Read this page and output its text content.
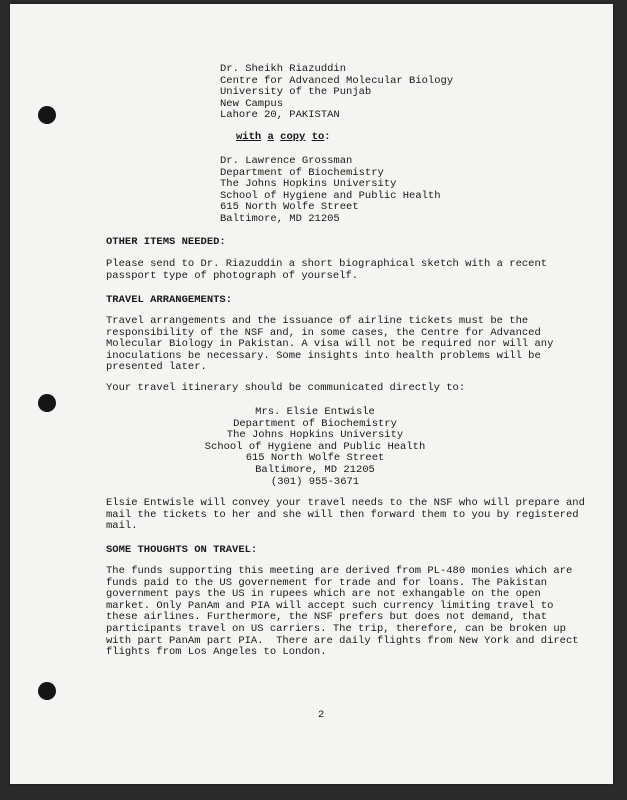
Dr. Sheikh Riazuddin
Centre for Advanced Molecular Biology
University of the Punjab
New Campus
Lahore 20, PAKISTAN
with a copy to:
Dr. Lawrence Grossman
Department of Biochemistry
The Johns Hopkins University
School of Hygiene and Public Health
615 North Wolfe Street
Baltimore, MD 21205
OTHER ITEMS NEEDED:
Please send to Dr. Riazuddin a short biographical sketch with a recent
passport type of photograph of yourself.
TRAVEL ARRANGEMENTS:
Travel arrangements and the issuance of airline tickets must be the
responsibility of the NSF and, in some cases, the Centre for Advanced
Molecular Biology in Pakistan. A visa will not be required nor will any
inoculations be necessary. Some insights into health problems will be
presented later.
Your travel itinerary should be communicated directly to:
Mrs. Elsie Entwisle
Department of Biochemistry
The Johns Hopkins University
School of Hygiene and Public Health
615 North Wolfe Street
Baltimore, MD 21205
(301) 955-3671
Elsie Entwisle will convey your travel needs to the NSF who will prepare and
mail the tickets to her and she will then forward them to you by registered
mail.
SOME THOUGHTS ON TRAVEL:
The funds supporting this meeting are derived from PL-480 monies which are
funds paid to the US governement for trade and for loans. The Pakistan
government pays the US in rupees which are not exhangable on the open
market. Only PanAm and PIA will accept such currency limiting travel to
these airlines. Furthermore, the NSF prefers but does not demand, that
participants travel on US carriers. The trip, therefore, can be broken up
with part PanAm part PIA.  There are daily flights from New York and direct
flights from Los Angeles to London.
2
